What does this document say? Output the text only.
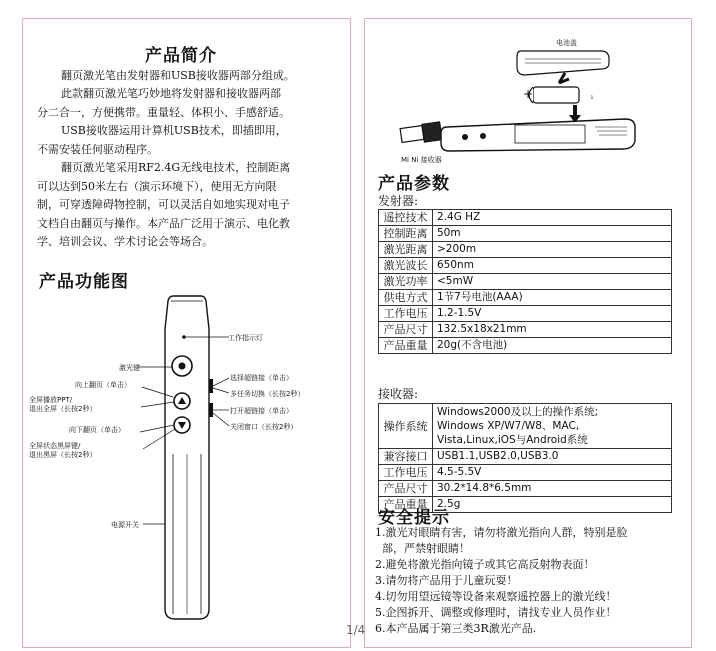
产品简介
翻页激光笔由发射器和USB接收器两部分组成。
此款翻页激光笔巧妙地将发射器和接收器两部
分二合一，方便携带。重量轻、体积小、手感舒适。
USB接收器运用计算机USB技术，即插即用，
不需安装任何驱动程序。
翻页激光笔采用RF2.4G无线电技术，控制距离
可以达到50米左右（演示环境下），使用无方向限
制，可穿透障碍物控制，可以灵活自如地实现对电子
文档自由翻页与操作。本产品广泛用于演示、电化教
学、培训会议、学术讨论会等场合。
产品功能图
工作指示灯
激光键
向上翻页（单击）
全屏播放PPT/
退出全屏（长按2秒）
向下翻页（单击）
全屏状态黑屏键/
退出黑屏（长按2秒）
选择超链接（单击）
多任务切换（长按2秒）
打开超链接（单击）
关闭窗口（长按2秒）
电源开关
ı
电池盖
+
Mi Ni 接收器
产品参数
发射器:
遥控技术	2.4G HZ
控制距离	50m
激光距离	>200m
激光波长	650nm
激光功率	<5mW
供电方式	1节7号电池(AAA)
工作电压	1.2-1.5V
产品尺寸	132.5x18x21mm
产品重量	20g(不含电池)
接收器:
操作系统	Windows2000及以上的操作系统;
Windows XP/W7/W8、MAC,
Vista,Linux,iOS与Android系统

兼容接口	USB1.1,USB2.0,USB3.0
工作电压	4.5-5.5V
产品尺寸	30.2*14.8*6.5mm
产品重量	2.5g
安全提示
1.激光对眼睛有害，请勿将激光指向人群，特别是脸
部，严禁射眼睛！
2.避免将激光指向镜子或其它高反射物表面！
3.请勿将产品用于儿童玩耍！
4.切勿用望远镜等设备来观察遥控器上的激光线！
5.企图拆开、调整或修理时，请找专业人员作业！
6.本产品属于第三类3R激光产品.
1/4
